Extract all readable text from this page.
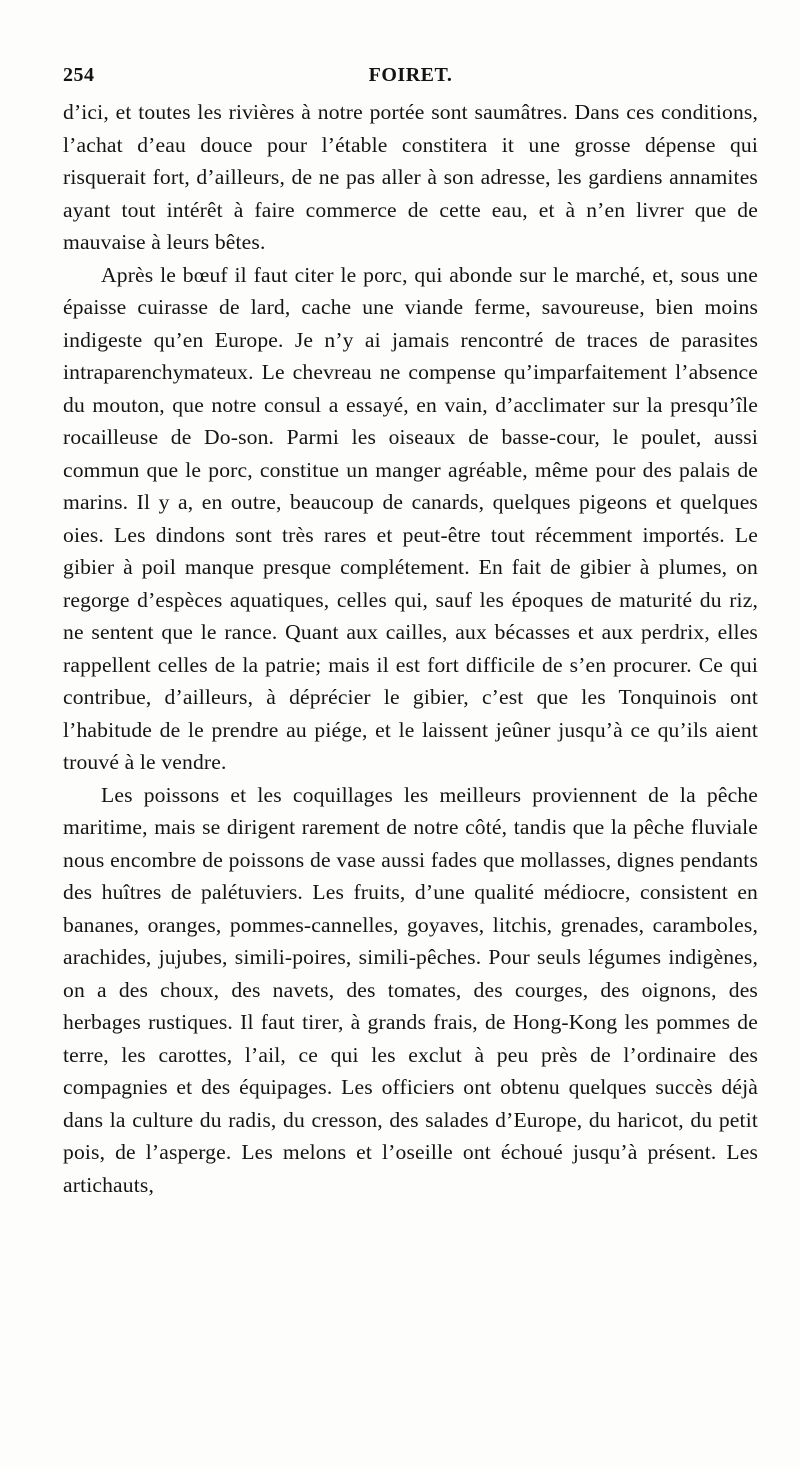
254	FOIRET.

d’ici, et toutes les rivières à notre portée sont saumâtres. Dans ces conditions, l’achat d’eau douce pour l’étable constitera it une grosse dépense qui risquerait fort, d’ailleurs, de ne pas aller à son adresse, les gardiens annamites ayant tout intérêt à faire commerce de cette eau, et à n’en livrer que de mauvaise à leurs bêtes.

Après le bœuf il faut citer le porc, qui abonde sur le marché, et, sous une épaisse cuirasse de lard, cache une viande ferme, savoureuse, bien moins indigeste qu’en Europe. Je n’y ai jamais rencontré de traces de parasites intraparenchymateux. Le chevreau ne compense qu’imparfaitement l’absence du mouton, que notre consul a essayé, en vain, d’acclimater sur la presqu’île rocailleuse de Do-son. Parmi les oiseaux de basse-cour, le poulet, aussi commun que le porc, constitue un manger agréable, même pour des palais de marins. Il y a, en outre, beaucoup de canards, quelques pigeons et quelques oies. Les dindons sont très rares et peut-être tout récemment importés. Le gibier à poil manque presque complétement. En fait de gibier à plumes, on regorge d’espèces aquatiques, celles qui, sauf les époques de maturité du riz, ne sentent que le rance. Quant aux cailles, aux bécasses et aux perdrix, elles rappellent celles de la patrie; mais il est fort difficile de s’en procurer. Ce qui contribue, d’ailleurs, à déprécier le gibier, c’est que les Tonquinois ont l’habitude de le prendre au piége, et le laissent jeûner jusqu’à ce qu’ils aient trouvé à le vendre.

Les poissons et les coquillages les meilleurs proviennent de la pêche maritime, mais se dirigent rarement de notre côté, tandis que la pêche fluviale nous encombre de poissons de vase aussi fades que mollasses, dignes pendants des huîtres de palétuviers. Les fruits, d’une qualité médiocre, consistent en bananes, oranges, pommes-cannelles, goyaves, litchis, grenades, caramboles, arachides, jujubes, simili-poires, simili-pêches. Pour seuls légumes indigènes, on a des choux, des navets, des tomates, des courges, des oignons, des herbages rustiques. Il faut tirer, à grands frais, de Hong-Kong les pommes de terre, les carottes, l’ail, ce qui les exclut à peu près de l’ordinaire des compagnies et des équipages. Les officiers ont obtenu quelques succès déjà dans la culture du radis, du cresson, des salades d’Europe, du haricot, du petit pois, de l’asperge. Les melons et l’oseille ont échoué jusqu’à présent. Les artichauts,
